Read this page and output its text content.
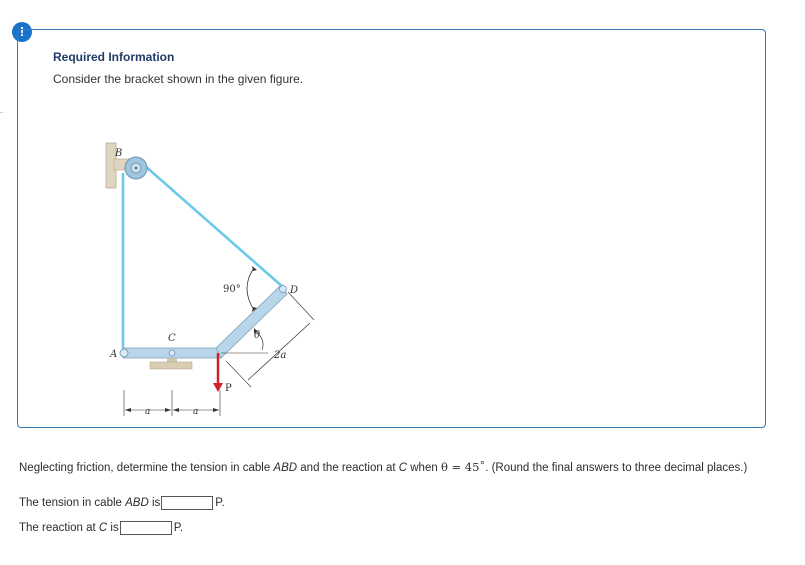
!
Required Information
Consider the bracket shown in the given figure.
B
A
C
D
P
90°
θ
2a
a	a
Neglecting friction, determine the tension in cable ABD and the reaction at C when θ = 45˚. (Round the final answers to three decimal places.)
The tension in cable ABD is	P.
The reaction at C is	P.
